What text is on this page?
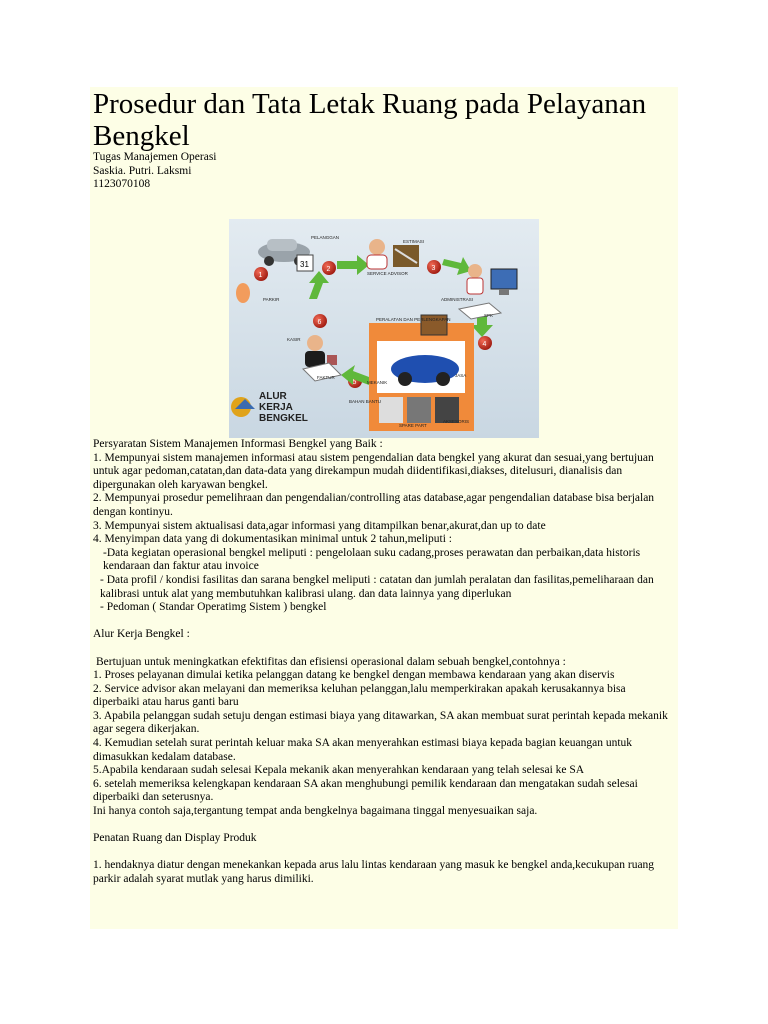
Prosedur dan Tata Letak Ruang pada Pelayanan Bengkel
Tugas Manajemen Operasi
Saskia. Putri. Laksmi
1123070108
31
1
2	3
4
5
6
PELANGGAN
ESTIMASI
SERVICE ADVISOR
ADMINISTRASI
PARKIR
SPK
PERALATAN DAN PERLENGKAPAN
KASIR
FAKTUR
MEKANIK
JASA
BAHAN BANTU
SPARE PART
AKSESORIS
ALUR
KERJA
BENGKEL

Persyaratan Sistem Manajemen Informasi Bengkel yang Baik :

1. Mempunyai sistem manajemen informasi atau sistem pengendalian data bengkel yang akurat dan sesuai,yang bertujuan untuk agar pedoman,catatan,dan data-data yang direkampun mudah diidentifikasi,diakses, ditelusuri, dianalisis dan dipergunakan oleh karyawan bengkel.

2. Mempunyai prosedur pemelihraan dan pengendalian/controlling atas database,agar pengendalian database bisa berjalan dengan kontinyu.

3. Mempunyai sistem aktualisasi data,agar informasi yang ditampilkan benar,akurat,dan up to date

4. Menyimpan data yang di dokumentasikan minimal untuk 2 tahun,meliputi :

-Data kegiatan operasional bengkel meliputi : pengelolaan suku cadang,proses perawatan dan perbaikan,data historis kendaraan dan faktur atau invoice

- Data profil / kondisi fasilitas dan sarana bengkel meliputi : catatan dan jumlah peralatan dan fasilitas,pemeliharaan dan kalibrasi untuk alat yang membutuhkan kalibrasi ulang. dan data lainnya yang diperlukan

- Pedoman ( Standar Operatimg Sistem ) bengkel

Alur Kerja Bengkel :

Bertujuan untuk meningkatkan efektifitas dan efisiensi operasional dalam sebuah bengkel,contohnya :

1. Proses pelayanan dimulai ketika pelanggan datang ke bengkel dengan membawa kendaraan yang akan diservis

2. Service advisor akan melayani dan memeriksa keluhan pelanggan,lalu memperkirakan apakah kerusakannya bisa diperbaiki atau harus ganti baru

3. Apabila pelanggan sudah setuju dengan estimasi biaya yang ditawarkan, SA akan membuat surat perintah kepada mekanik agar segera dikerjakan.

4. Kemudian setelah surat perintah keluar maka SA akan menyerahkan estimasi biaya kepada bagian keuangan untuk dimasukkan kedalam database.

5.Apabila kendaraan sudah selesai Kepala mekanik akan menyerahkan kendaraan yang telah selesai ke SA

6. setelah memeriksa kelengkapan kendaraan SA akan menghubungi pemilik kendaraan dan mengatakan sudah selesai diperbaiki dan seterusnya.

Ini hanya contoh saja,tergantung tempat anda bengkelnya bagaimana tinggal menyesuaikan saja.

Penatan Ruang dan Display Produk

1. hendaknya diatur dengan menekankan kepada arus lalu lintas kendaraan yang masuk ke bengkel anda,kecukupan ruang parkir adalah syarat mutlak yang harus dimiliki.
